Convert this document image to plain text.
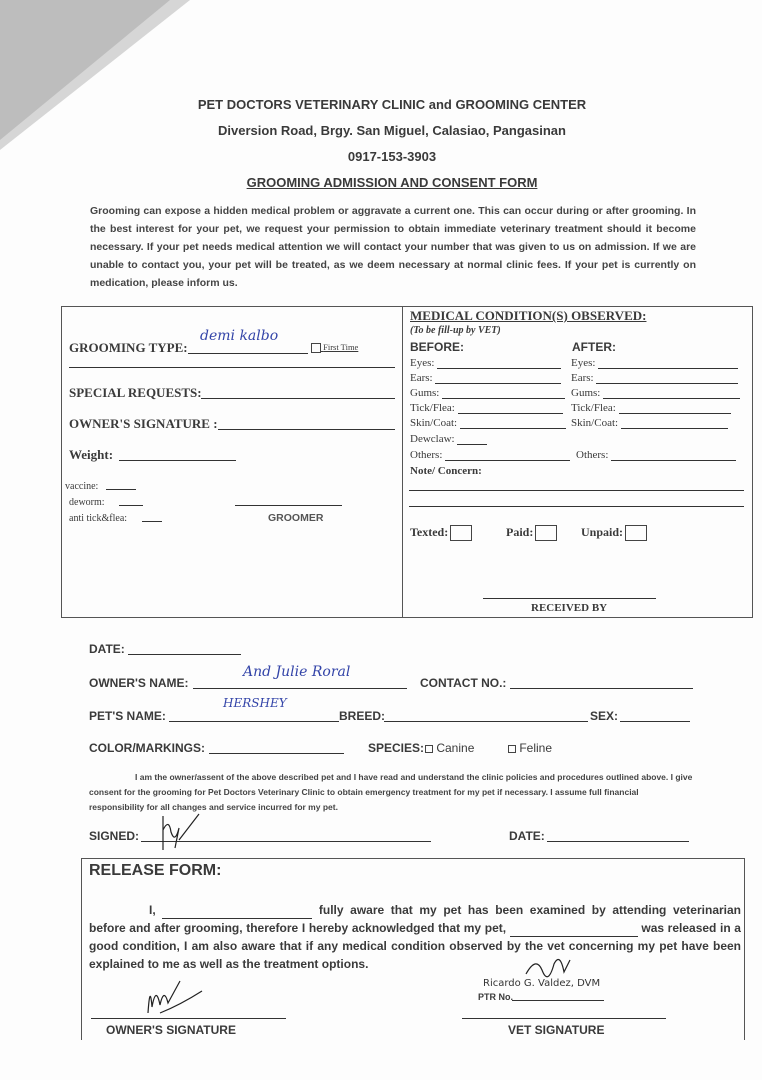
PET DOCTORS VETERINARY CLINIC and GROOMING CENTER
Diversion Road, Brgy. San Miguel, Calasiao, Pangasinan
0917-153-3903
GROOMING ADMISSION AND CONSENT FORM
Grooming can expose a hidden medical problem or aggravate a current one. This can occur during or after grooming. In the best interest for your pet, we request your permission to obtain immediate veterinary treatment should it become necessary. If your pet needs medical attention we will contact your number that was given to us on admission. If we are unable to contact you, your pet will be treated, as we deem necessary at normal clinic fees. If your pet is currently on medication, please inform us.
GROOMING TYPE:
demi kalbo
First Time
SPECIAL REQUESTS:
OWNER'S SIGNATURE :
Weight:
vaccine:
deworm:
anti tick&flea:	GROOMER
MEDICAL CONDITION(S) OBSERVED:
(To be fill-up by VET)
BEFORE:	AFTER:
Eyes:	Eyes:
Ears:	Ears:
Gums:	Gums:
Tick/Flea:	Tick/Flea:
Skin/Coat:	Skin/Coat:
Dewclaw:
Others:	Others:
Note/ Concern:
Texted:	Paid:	Unpaid:
RECEIVED BY
DATE:
OWNER'S NAME:
And Julie Roral
CONTACT NO.:
PET'S NAME:
HERSHEY
BREED:	SEX:
COLOR/MARKINGS:	SPECIES:	Canine	Feline
I am the owner/assent of the above described pet and I have read and understand the clinic policies and procedures outlined above. I give consent for the grooming for Pet Doctors Veterinary Clinic to obtain emergency treatment for my pet if necessary. I assume full financial responsibility for all changes and service incurred for my pet.
SIGNED:	DATE:
RELEASE FORM:
I,	fully aware that my pet has been examined by attending veterinarian before and after grooming, therefore I hereby acknowledged that my pet,	was released in a good condition, I am also aware that if any medical condition observed by the vet concerning my pet have been explained to me as well as the treatment options.
OWNER'S SIGNATURE
Ricardo G. Valdez, DVM
PTR No.
VET SIGNATURE
